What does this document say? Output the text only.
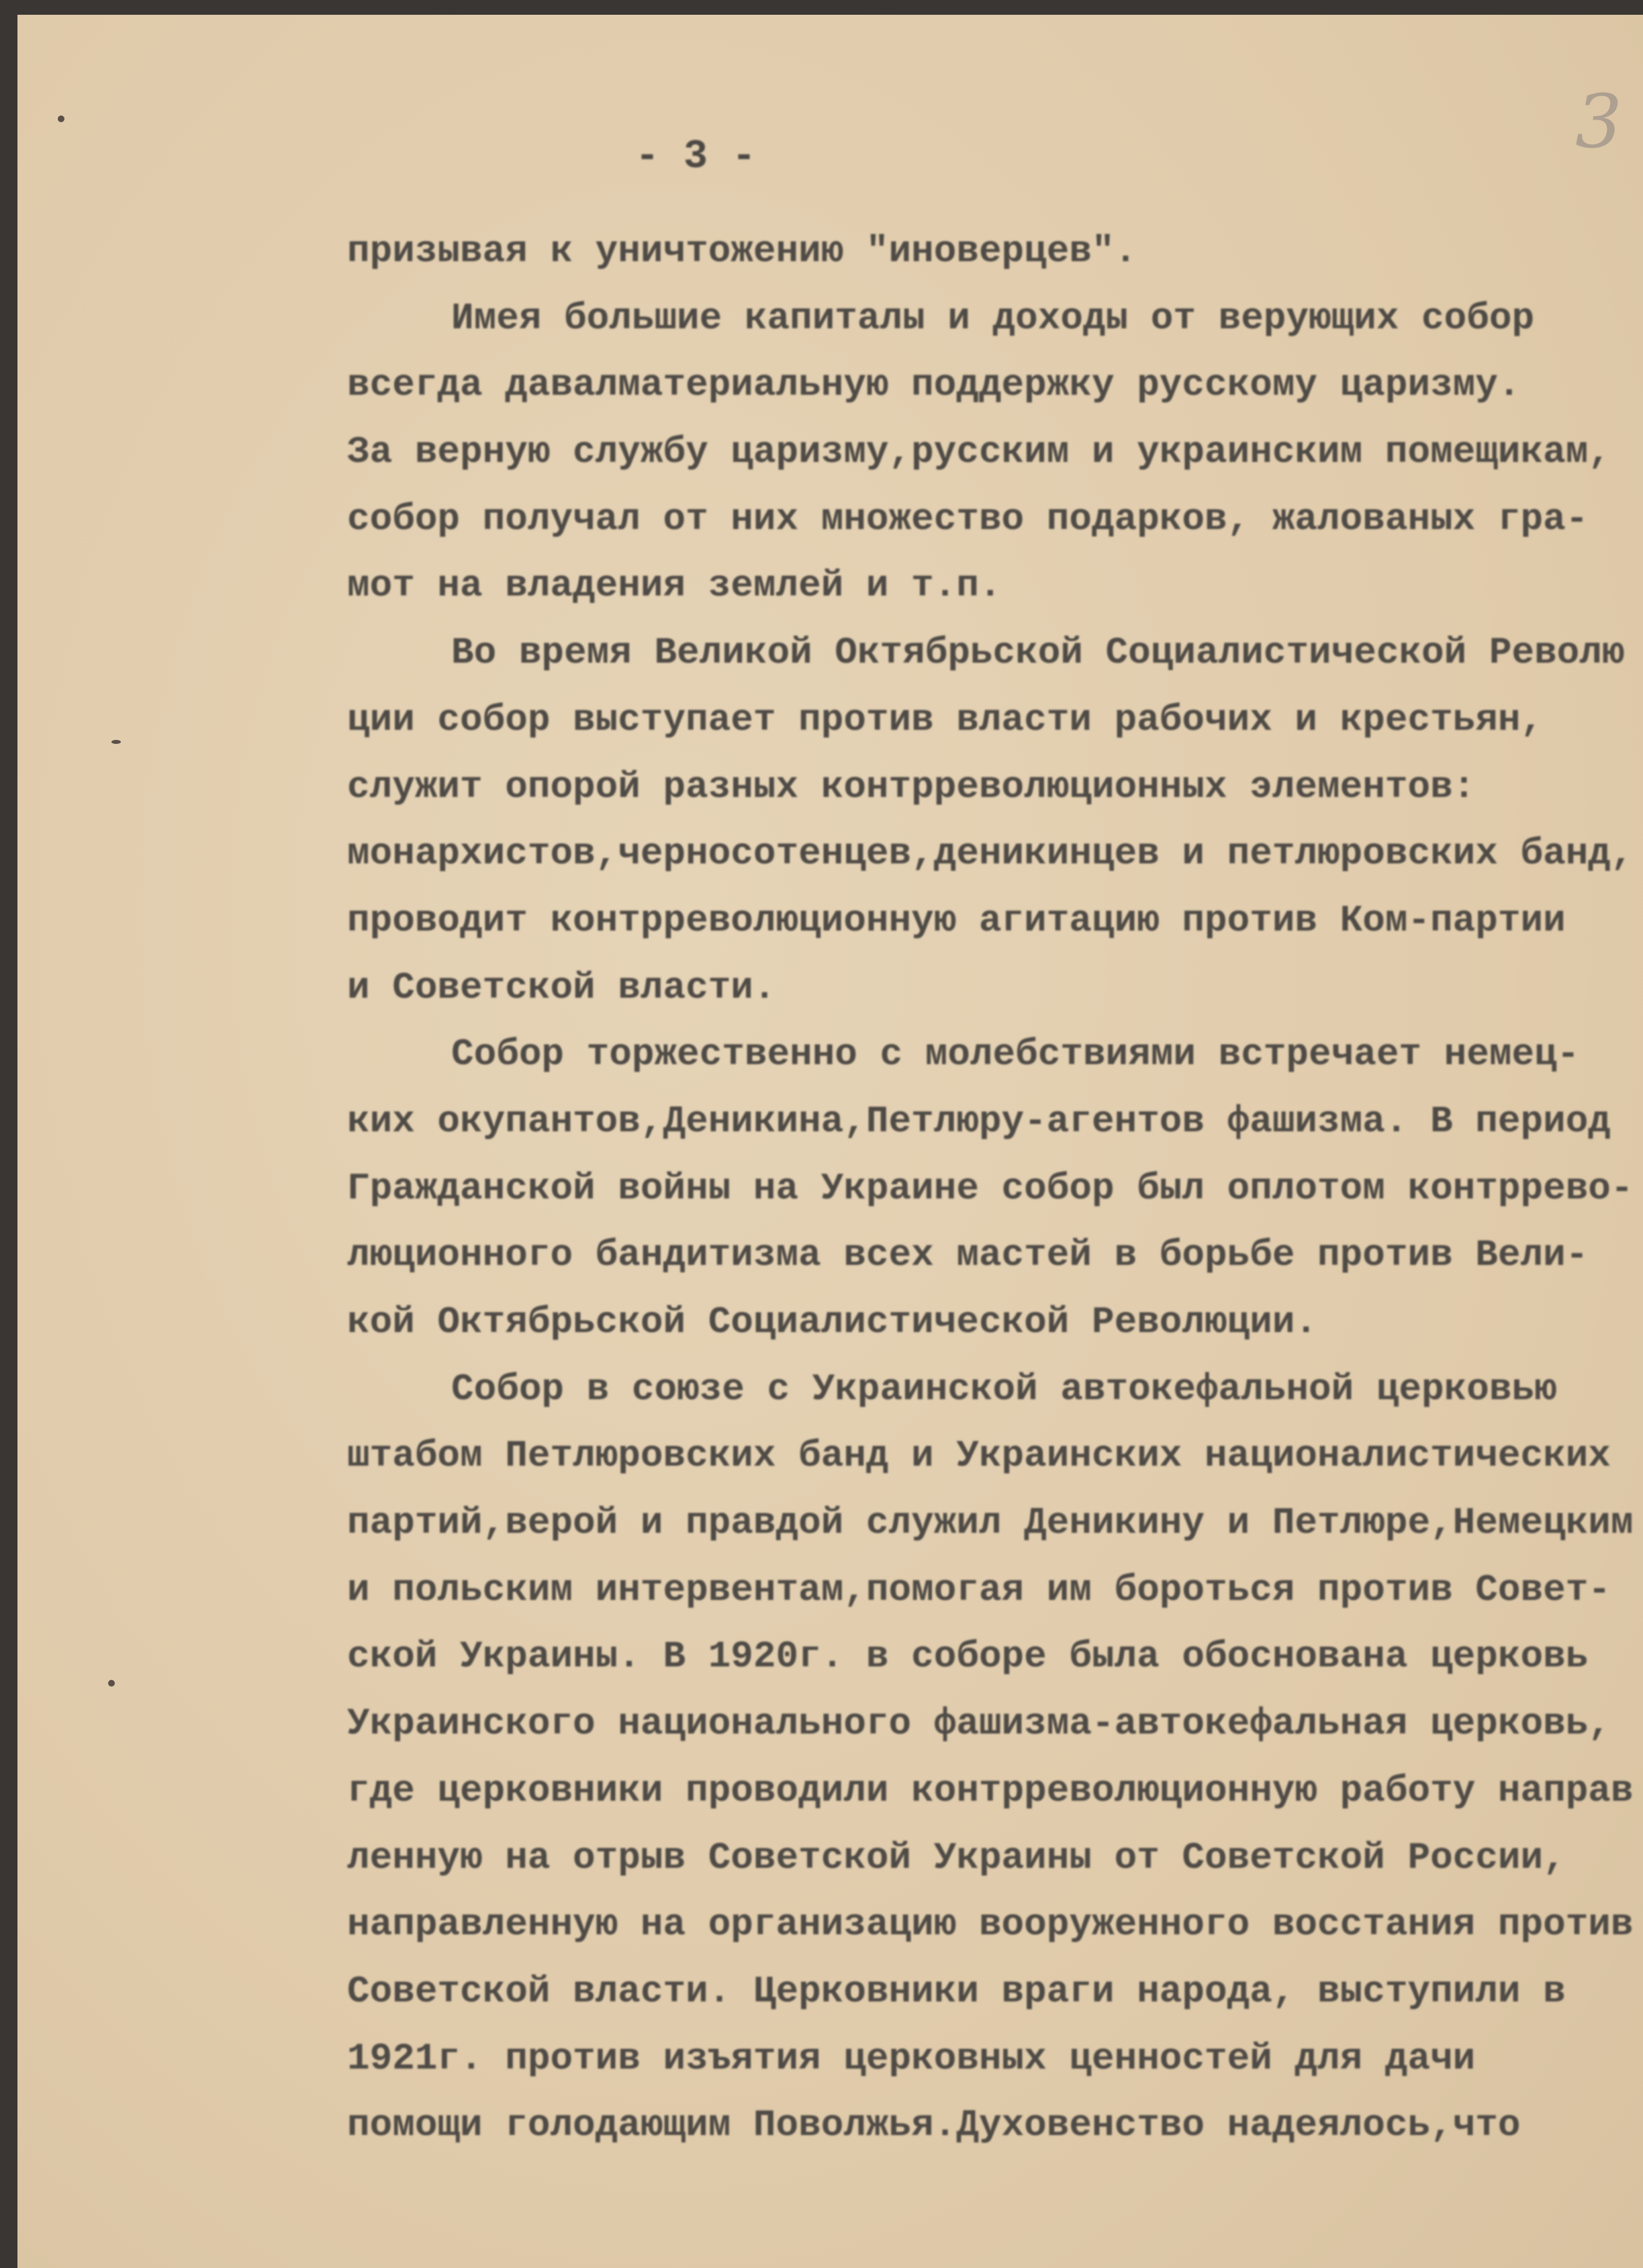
- 3 -	3
призывая к уничтожению "иноверцев".
Имея большие капиталы и доходы от верующих собор
всегда давалматериальную поддержку русскому царизму.
За верную службу царизму,русским и украинским помещикам,
собор получал от них множество подарков, жалованых гра-
мот на владения землей и т.п.
Во время Великой Октябрьской Социалистической Револю
ции собор выступает против власти рабочих и крестьян,
служит опорой разных контрреволюционных элементов:
монархистов,черносотенцев,деникинцев и петлюровских банд,
проводит контрреволюционную агитацию против Ком-партии
и Советской власти.
Собор торжественно с молебствиями встречает немец-
ких окупантов,Деникина,Петлюру-агентов фашизма. В период
Гражданской войны на Украине собор был оплотом контррево-
люционного бандитизма всех мастей в борьбе против Вели-
кой Октябрьской Социалистической Революции.
Собор в союзе с Украинской автокефальной церковью
штабом Петлюровских банд и Украинских националистических
партий,верой и правдой служил Деникину и Петлюре,Немецким
и польским интервентам,помогая им бороться против Совет-
ской Украины. В 1920г. в соборе была обоснована церковь
Украинского национального фашизма-автокефальная церковь,
где церковники проводили контрреволюционную работу направ
ленную на отрыв Советской Украины от Советской России,
направленную на организацию вооруженного восстания против
Советской власти. Церковники враги народа, выступили в
1921г. против изъятия церковных ценностей для дачи
помощи голодающим Поволжья.Духовенство надеялось,что
